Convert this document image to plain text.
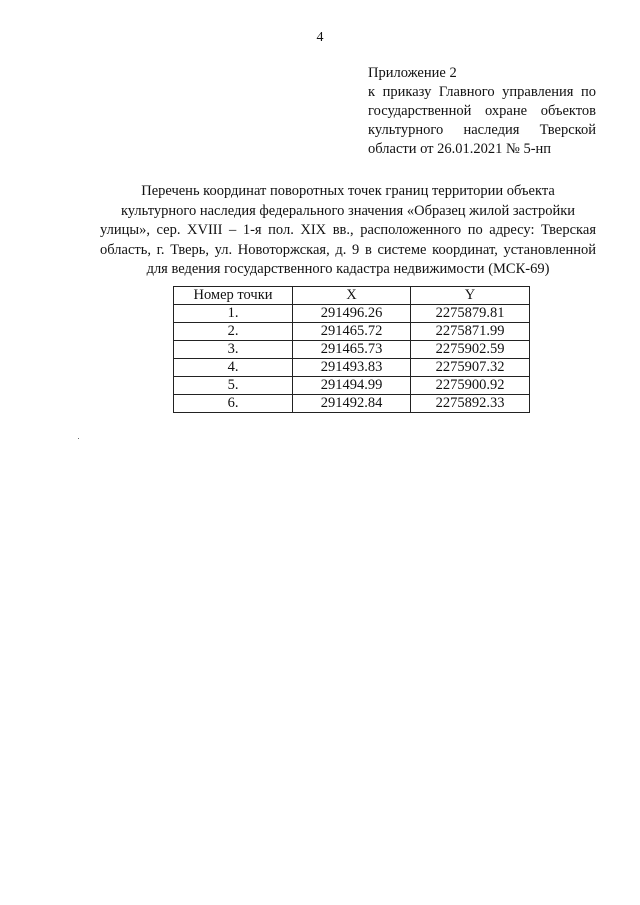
4
Приложение 2
к приказу Главного управления по
государственной охране объектов
культурного наследия Тверской
области от 26.01.2021 № 5-нп
Перечень координат поворотных точек границ территории объекта
культурного наследия федерального значения «Образец жилой застройки
улицы», сер. XVIII – 1-я пол. XIX вв., расположенного по адресу: Тверская
область, г. Тверь, ул. Новоторжская, д. 9 в системе координат, установленной
для ведения государственного кадастра недвижимости (МСК-69)
Номер точки	X	Y
1.	291496.26	2275879.81
2.	291465.72	2275871.99
3.	291465.73	2275902.59
4.	291493.83	2275907.32
5.	291494.99	2275900.92
6.	291492.84	2275892.33
